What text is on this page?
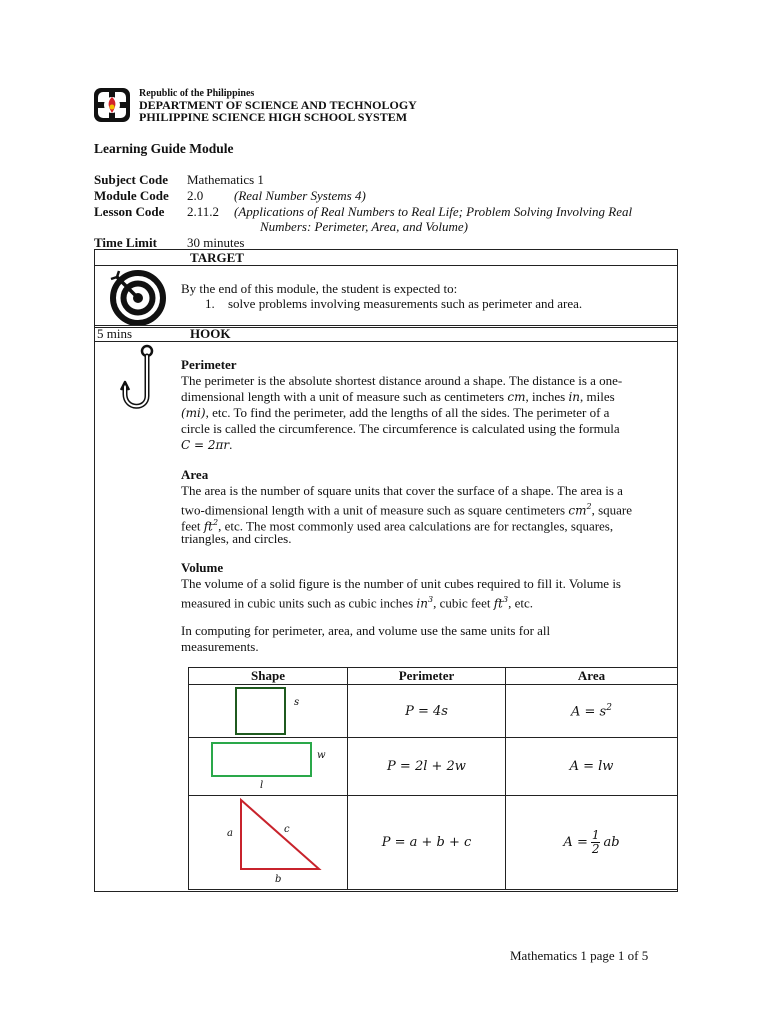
Republic of the Philippines
DEPARTMENT OF SCIENCE AND TECHNOLOGY
PHILIPPINE SCIENCE HIGH SCHOOL SYSTEM
Learning Guide Module
Subject Code Mathematics 1
Module Code 2.0 (Real Number Systems 4)
Lesson Code 2.11.2 (Applications of Real Numbers to Real Life; Problem Solving Involving Real
Numbers: Perimeter, Area, and Volume)
Time Limit 30 minutes
TARGET
By the end of this module, the student is expected to:
1. solve problems involving measurements such as perimeter and area.
5 mins	HOOK
Perimeter
The perimeter is the absolute shortest distance around a shape. The distance is a one-
dimensional length with a unit of measure such as centimeters cm, inches in, miles
(mi), etc. To find the perimeter, add the lengths of all the sides. The perimeter of a
circle is called the circumference. The circumference is calculated using the formula
C = 2πr.
Area
The area is the number of square units that cover the surface of a shape. The area is a
two-dimensional length with a unit of measure such as square centimeters $cm^2$, square
feet $ft^2$, etc. The most commonly used area calculations are for rectangles, squares,
triangles, and circles.
Volume
The volume of a solid figure is the number of unit cubes required to fill it. Volume is
measured in cubic units such as cubic inches $in^3$, cubic feet $ft^3$, etc.
In computing for perimeter, area, and volume use the same units for all
measurements.
Shape	Perimeter	Area

s	P = 4s	$A = s^2$

w
l	P = 2l + 2w	A = lw

a c
b	P = a + b + c	$A = \frac{1}{2}$ ab
Mathematics 1 page 1 of 5
